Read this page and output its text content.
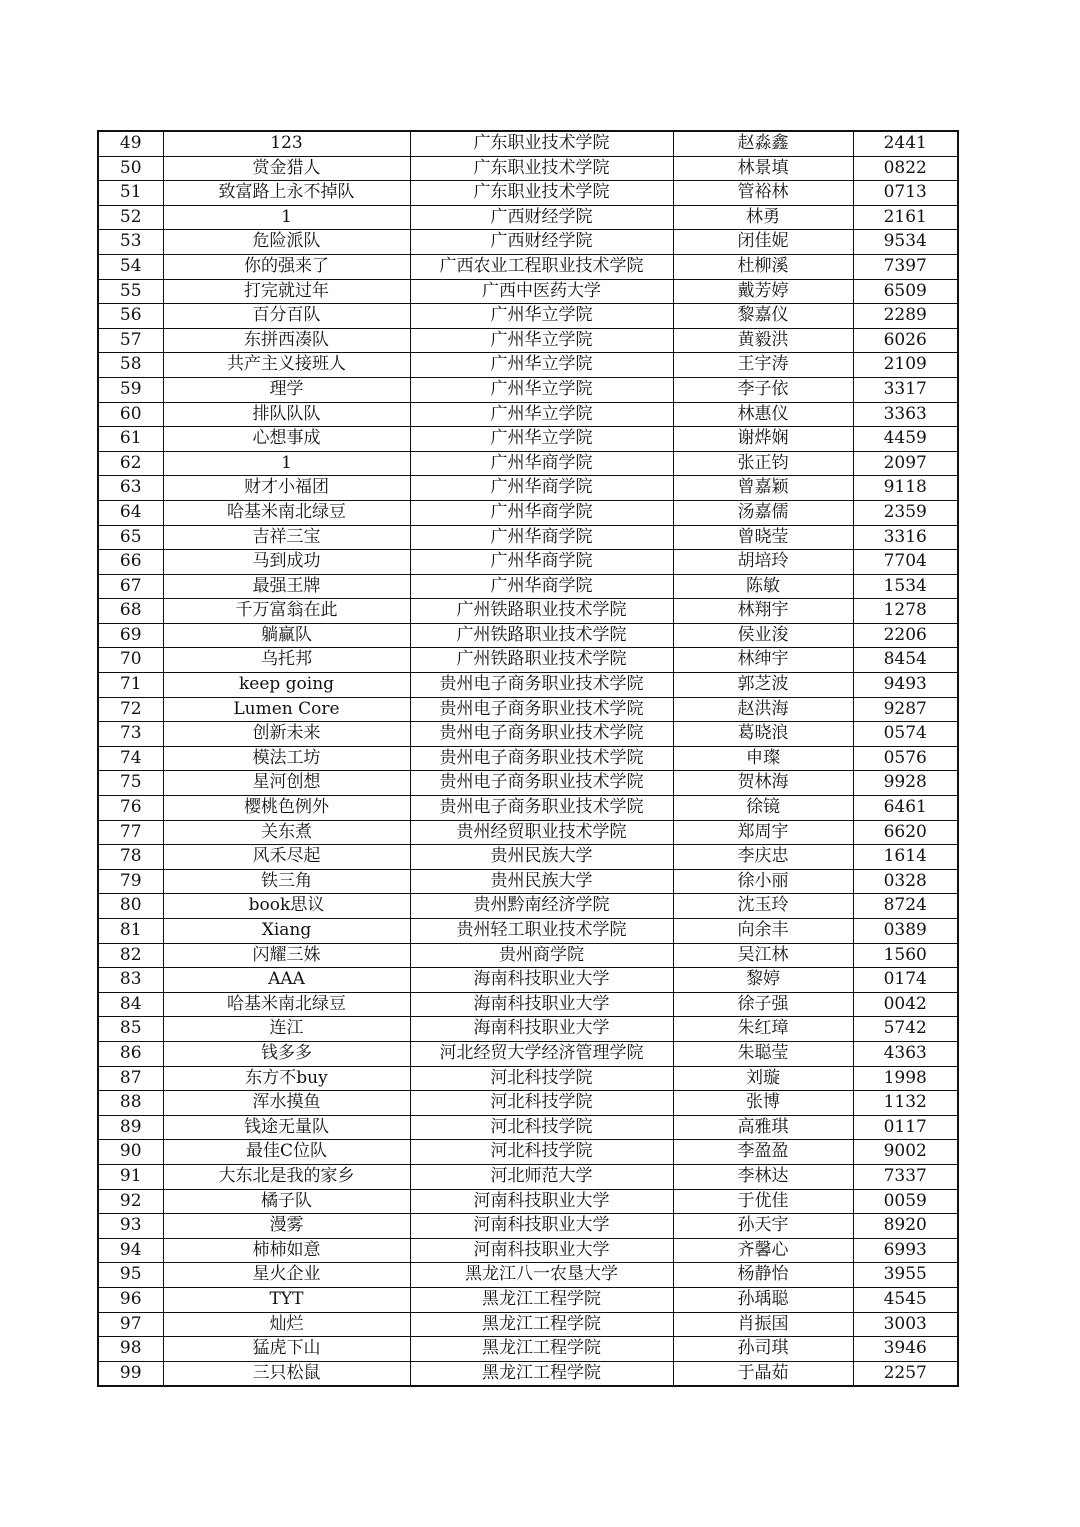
49	123	广东职业技术学院	赵淼鑫	2441
50	赏金猎人	广东职业技术学院	林景填	0822
51	致富路上永不掉队	广东职业技术学院	管裕林	0713
52	1	广西财经学院	林勇	2161
53	危险派队	广西财经学院	闭佳妮	9534
54	你的强来了	广西农业工程职业技术学院	杜柳溪	7397
55	打完就过年	广西中医药大学	戴芳婷	6509
56	百分百队	广州华立学院	黎嘉仪	2289
57	东拼西凑队	广州华立学院	黄毅洪	6026
58	共产主义接班人	广州华立学院	王宇涛	2109
59	理学	广州华立学院	李子依	3317
60	排队队队	广州华立学院	林惠仪	3363
61	心想事成	广州华立学院	谢烨娴	4459
62	1	广州华商学院	张正钧	2097
63	财才小福团	广州华商学院	曾嘉颖	9118
64	哈基米南北绿豆	广州华商学院	汤嘉儒	2359
65	吉祥三宝	广州华商学院	曾晓莹	3316
66	马到成功	广州华商学院	胡培玲	7704
67	最强王牌	广州华商学院	陈敏	1534
68	千万富翁在此	广州铁路职业技术学院	林翔宇	1278
69	躺赢队	广州铁路职业技术学院	侯业浚	2206
70	乌托邦	广州铁路职业技术学院	林绅宇	8454
71	keep going	贵州电子商务职业技术学院	郭芝波	9493
72	Lumen Core	贵州电子商务职业技术学院	赵洪海	9287
73	创新未来	贵州电子商务职业技术学院	葛晓浪	0574
74	模法工坊	贵州电子商务职业技术学院	申璨	0576
75	星河创想	贵州电子商务职业技术学院	贺林海	9928
76	樱桃色例外	贵州电子商务职业技术学院	徐镜	6461
77	关东煮	贵州经贸职业技术学院	郑周宇	6620
78	风禾尽起	贵州民族大学	李庆忠	1614
79	铁三角	贵州民族大学	徐小丽	0328
80	book思议	贵州黔南经济学院	沈玉玲	8724
81	Xiang	贵州轻工职业技术学院	向余丰	0389
82	闪耀三姝	贵州商学院	吴江林	1560
83	AAA	海南科技职业大学	黎婷	0174
84	哈基米南北绿豆	海南科技职业大学	徐子强	0042
85	连江	海南科技职业大学	朱红璋	5742
86	钱多多	河北经贸大学经济管理学院	朱聪莹	4363
87	东方不buy	河北科技学院	刘璇	1998
88	浑水摸鱼	河北科技学院	张博	1132
89	钱途无量队	河北科技学院	高雅琪	0117
90	最佳C位队	河北科技学院	李盈盈	9002
91	大东北是我的家乡	河北师范大学	李林达	7337
92	橘子队	河南科技职业大学	于优佳	0059
93	漫雾	河南科技职业大学	孙天宇	8920
94	柿柿如意	河南科技职业大学	齐馨心	6993
95	星火企业	黑龙江八一农垦大学	杨静怡	3955
96	TYT	黑龙江工程学院	孙瑀聪	4545
97	灿烂	黑龙江工程学院	肖振国	3003
98	猛虎下山	黑龙江工程学院	孙司琪	3946
99	三只松鼠	黑龙江工程学院	于晶茹	2257
